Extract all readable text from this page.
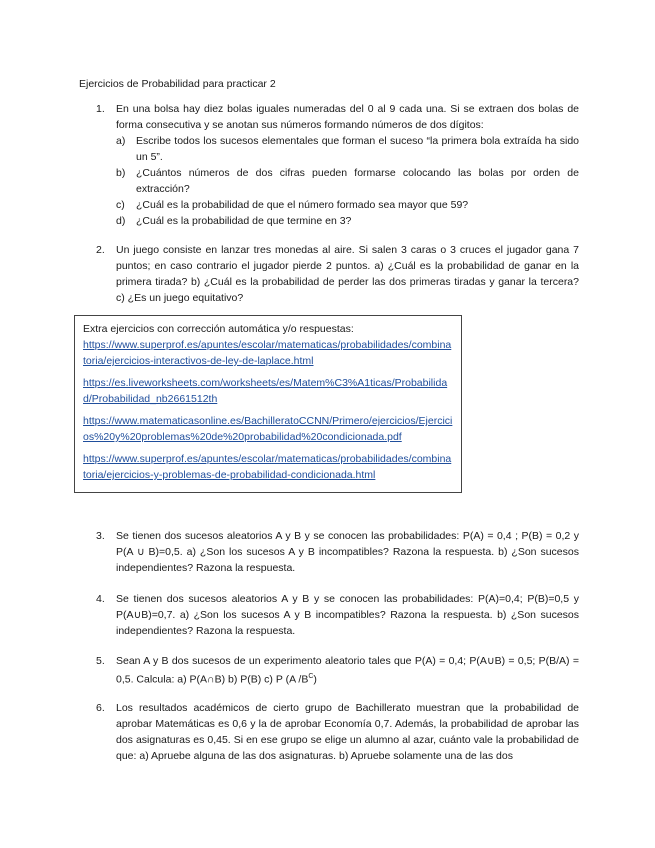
Ejercicios de Probabilidad para practicar 2
1. En una bolsa hay diez bolas iguales numeradas del 0 al 9 cada una. Si se extraen dos bolas de forma consecutiva y se anotan sus números formando números de dos dígitos:
a) Escribe todos los sucesos elementales que forman el suceso “la primera bola extraída ha sido un 5”.
b) ¿Cuántos números de dos cifras pueden formarse colocando las bolas por orden de extracción?
c) ¿Cuál es la probabilidad de que el número formado sea mayor que 59?
d) ¿Cuál es la probabilidad de que termine en 3?
2. Un juego consiste en lanzar tres monedas al aire. Si salen 3 caras o 3 cruces el jugador gana 7 puntos; en caso contrario el jugador pierde 2 puntos. a) ¿Cuál es la probabilidad de ganar en la primera tirada? b) ¿Cuál es la probabilidad de perder las dos primeras tiradas y ganar la tercera? c) ¿Es un juego equitativo?
Extra ejercicios con corrección automática y/o respuestas:
https://www.superprof.es/apuntes/escolar/matematicas/probabilidades/combinatoria/ejercicios-interactivos-de-ley-de-laplace.html
https://es.liveworksheets.com/worksheets/es/Matem%C3%A1ticas/Probabilidad/Probabilidad_nb2661512th
https://www.matematicasonline.es/BachilleratoCCNN/Primero/ejercicios/Ejercicios%20y%20problemas%20de%20probabilidad%20condicionada.pdf
https://www.superprof.es/apuntes/escolar/matematicas/probabilidades/combinatoria/ejercicios-y-problemas-de-probabilidad-condicionada.html
3. Se tienen dos sucesos aleatorios A y B y se conocen las probabilidades: P(A) = 0,4 ; P(B) = 0,2 y P(A ∪ B)=0,5. a) ¿Son los sucesos A y B incompatibles? Razona la respuesta. b) ¿Son sucesos independientes? Razona la respuesta.
4. Se tienen dos sucesos aleatorios A y B y se conocen las probabilidades: P(A)=0,4; P(B)=0,5 y P(A∪B)=0,7. a) ¿Son los sucesos A y B incompatibles? Razona la respuesta. b) ¿Son sucesos independientes? Razona la respuesta.
5. Sean A y B dos sucesos de un experimento aleatorio tales que P(A) = 0,4; P(A∪B) = 0,5; P(B/A) = 0,5. Calcula: a) P(A∩B) b) P(B) c) P (A $/B^C$)
6. Los resultados académicos de cierto grupo de Bachillerato muestran que la probabilidad de aprobar Matemáticas es 0,6 y la de aprobar Economía 0,7. Además, la probabilidad de aprobar las dos asignaturas es 0,45. Si en ese grupo se elige un alumno al azar, cuánto vale la probabilidad de que: a) Apruebe alguna de las dos asignaturas. b) Apruebe solamente una de las dos
